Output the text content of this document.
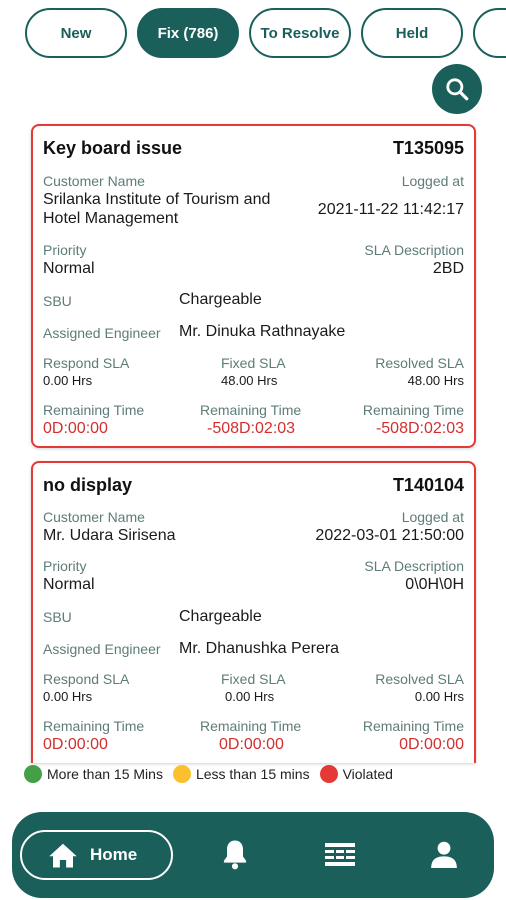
New	Fix (786)	To Resolve	Held
Key board issue	T135095
Customer Name	Logged at
Srilanka Institute of Tourism and Hotel Management
2021-11-22 11:42:17
Priority	SLA Description
Normal	2BD
SBU	Chargeable
Assigned Engineer Mr. Dinuka Rathnayake
Respond SLA	Fixed SLA	Resolved SLA
0.00 Hrs	48.00 Hrs	48.00 Hrs
Remaining Time	Remaining Time	Remaining Time
0D:00:00	-508D:02:03	-508D:02:03
no display	T140104
Customer Name	Logged at
Mr. Udara Sirisena	2022-03-01 21:50:00
Priority	SLA Description
Normal	0\0H\0H
SBU	Chargeable
Assigned Engineer Mr. Dhanushka Perera
Respond SLA	Fixed SLA	Resolved SLA
0.00 Hrs	0.00 Hrs	0.00 Hrs
Remaining Time	Remaining Time	Remaining Time
0D:00:00	0D:00:00	0D:00:00
More than 15 Mins Less than 15 mins Violated
Home
